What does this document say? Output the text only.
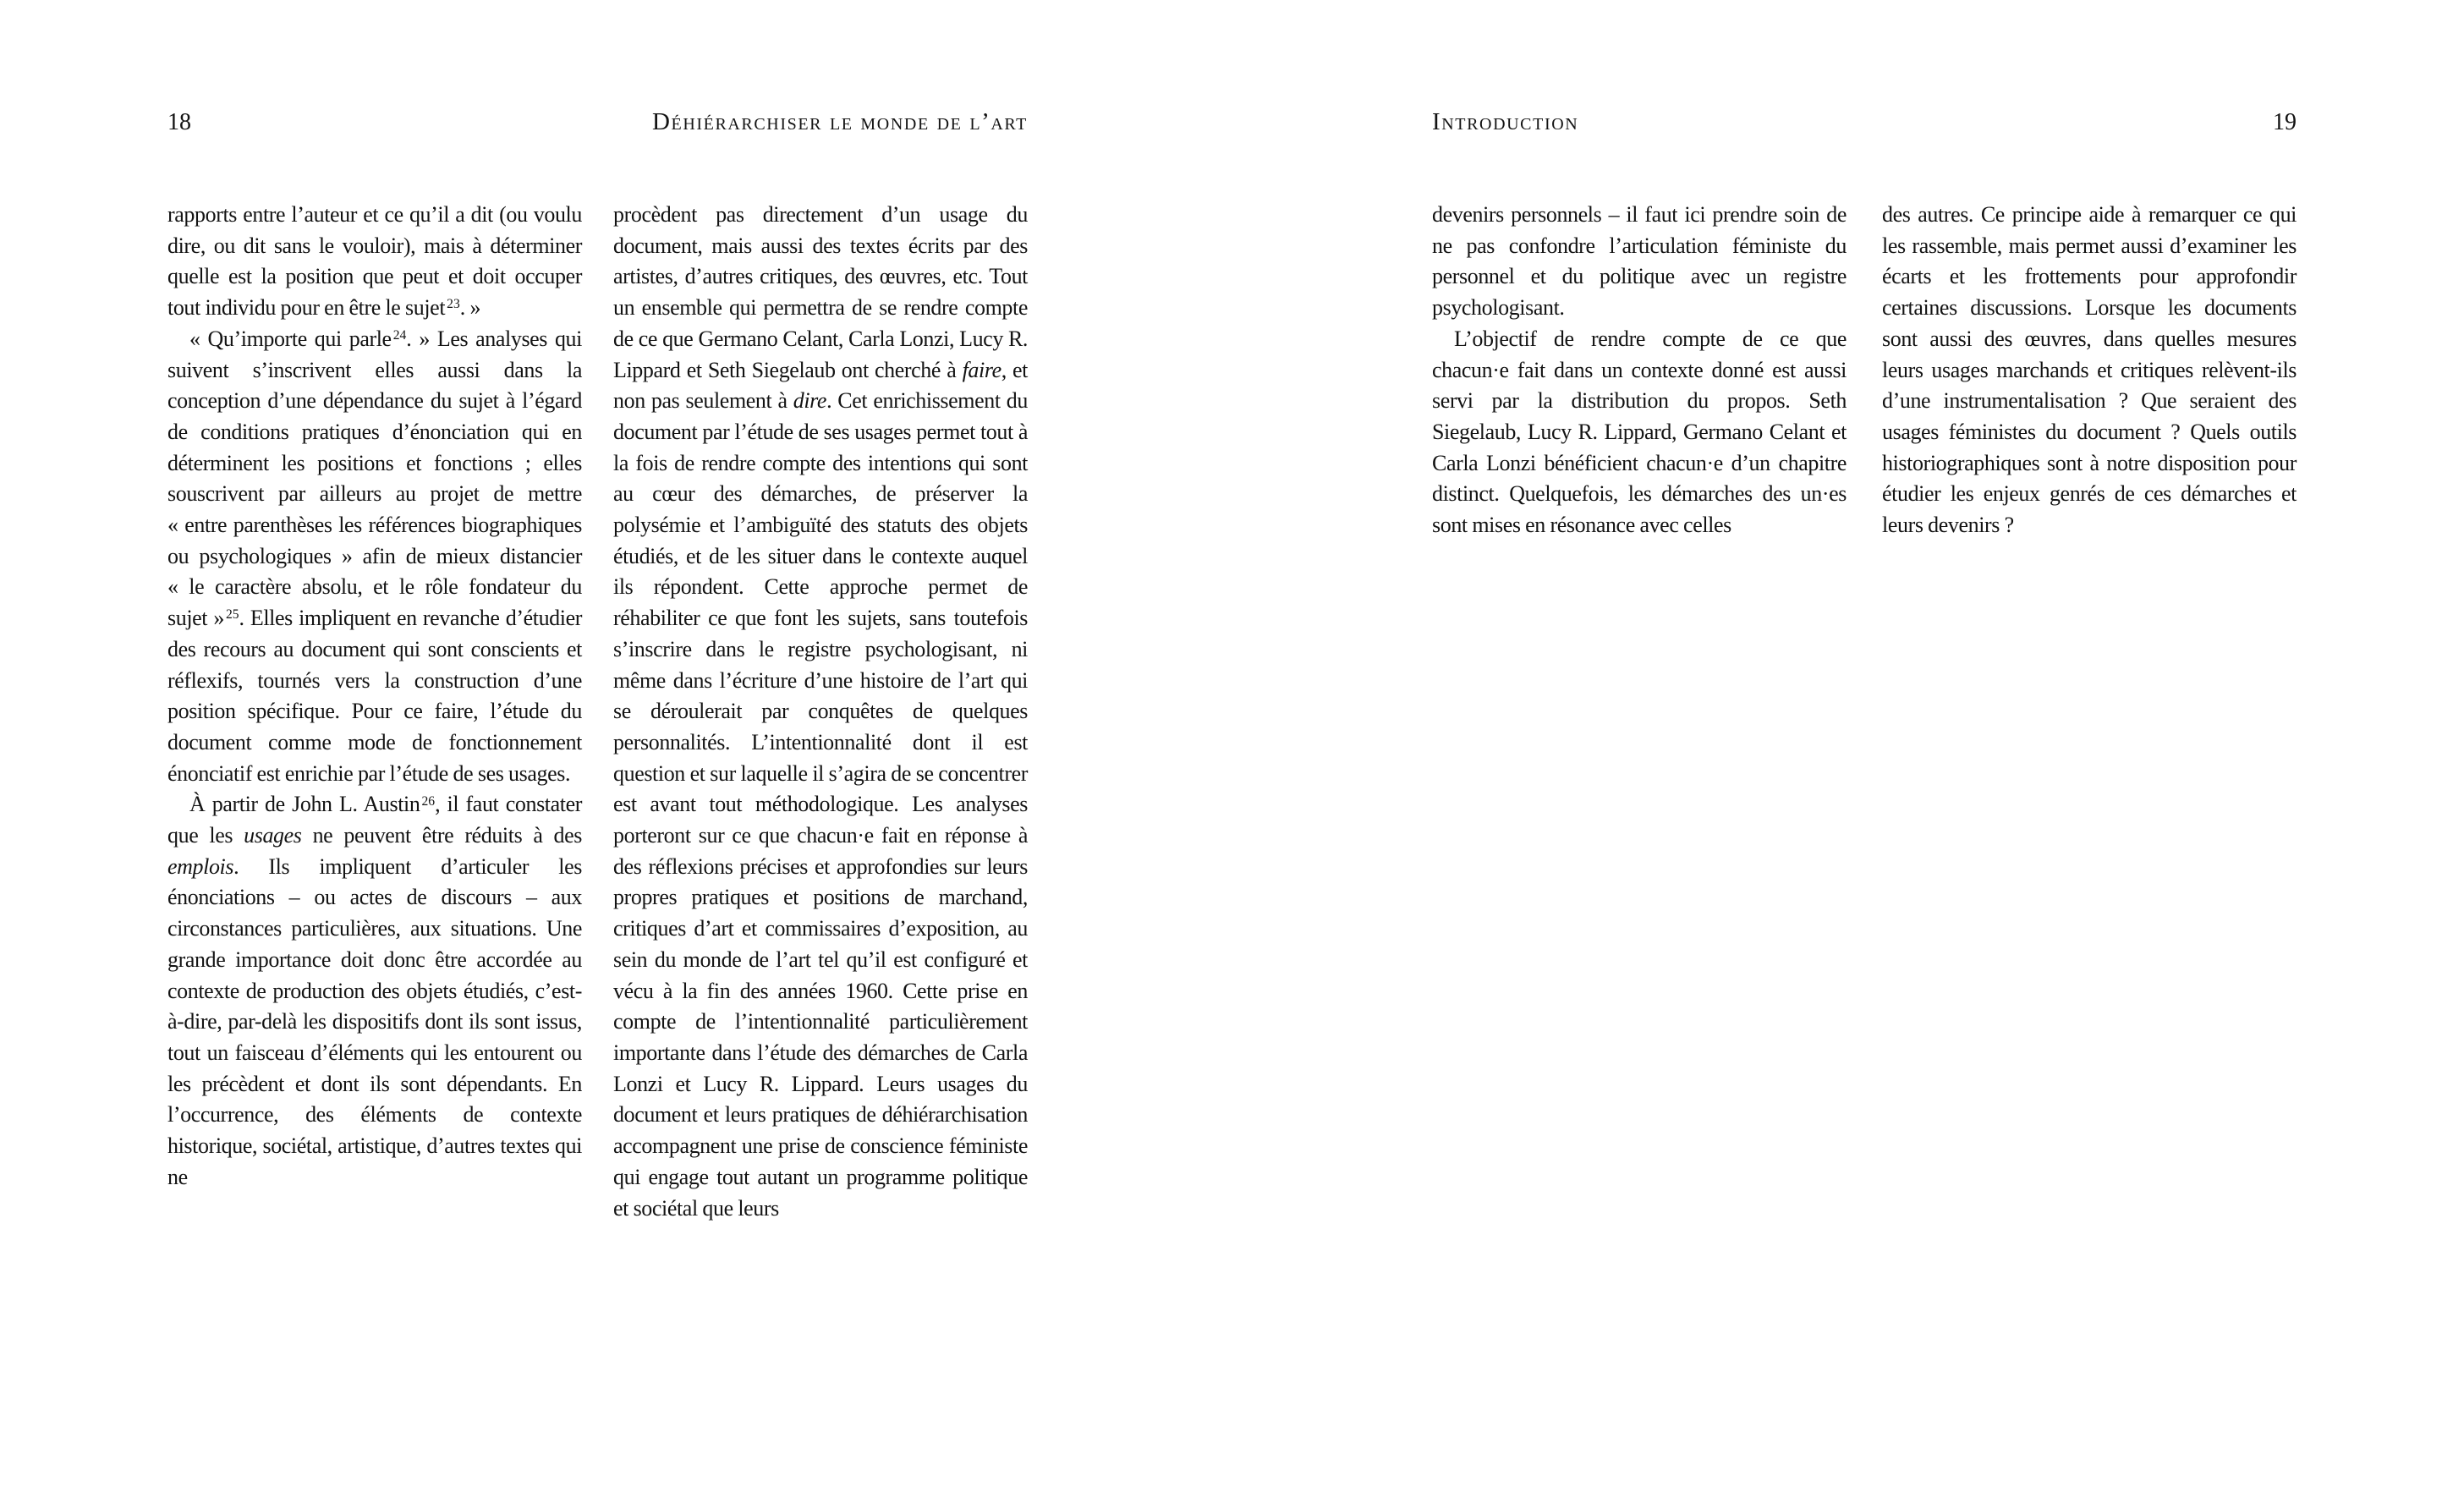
18	Déhiérarchiser le monde de l’art

rapports entre l’auteur et ce qu’il a dit (ou voulu dire, ou dit sans le vouloir), mais à déterminer quelle est la position que peut et doit occuper tout individu pour en être le sujet $^{23}$. »

« Qu’importe qui parle $^{24}$. » Les analyses qui suivent s’inscrivent elles aussi dans la conception d’une dépendance du sujet à l’égard de conditions pratiques d’énonciation qui en déterminent les positions et fonctions ; elles souscrivent par ailleurs au projet de mettre « entre parenthèses les références biographiques ou psychologiques » afin de mieux distancier « le caractère absolu, et le rôle fondateur du sujet » $^{25}$. Elles impliquent en revanche d’étudier des recours au document qui sont conscients et réflexifs, tournés vers la construction d’une position spécifique. Pour ce faire, l’étude du document comme mode de fonctionnement énonciatif est enrichie par l’étude de ses usages.

À partir de John L. Austin $^{26}$, il faut constater que les usages ne peuvent être réduits à des emplois. Ils impliquent d’articuler les énonciations – ou actes de discours – aux circonstances particulières, aux situations. Une grande importance doit donc être accordée au contexte de production des objets étudiés, c’est-à-dire, par-delà les dispositifs dont ils sont issus, tout un faisceau d’éléments qui les entourent ou les précèdent et dont ils sont dépendants. En l’occurrence, des éléments de contexte historique, sociétal, artistique, d’autres textes qui ne

procèdent pas directement d’un usage du document, mais aussi des textes écrits par des artistes, d’autres critiques, des œuvres, etc. Tout un ensemble qui permettra de se rendre compte de ce que Germano Celant, Carla Lonzi, Lucy R. Lippard et Seth Siegelaub ont cherché à faire, et non pas seulement à dire. Cet enrichissement du document par l’étude de ses usages permet tout à la fois de rendre compte des intentions qui sont au cœur des démarches, de préserver la polysémie et l’ambiguïté des statuts des objets étudiés, et de les situer dans le contexte auquel ils répondent. Cette approche permet de réhabiliter ce que font les sujets, sans toutefois s’inscrire dans le registre psychologisant, ni même dans l’écriture d’une histoire de l’art qui se déroulerait par conquêtes de quelques personnalités. L’intentionnalité dont il est question et sur laquelle il s’agira de se concentrer est avant tout méthodologique. Les analyses porteront sur ce que chacun·e fait en réponse à des réflexions précises et approfondies sur leurs propres pratiques et positions de marchand, critiques d’art et commissaires d’exposition, au sein du monde de l’art tel qu’il est configuré et vécu à la fin des années 1960. Cette prise en compte de l’intentionnalité particulièrement importante dans l’étude des démarches de Carla Lonzi et Lucy R. Lippard. Leurs usages du document et leurs pratiques de déhiérarchisation accompagnent une prise de conscience féministe qui engage tout autant un programme politique et sociétal que leurs

Introduction	19

devenirs personnels – il faut ici prendre soin de ne pas confondre l’articulation féministe du personnel et du politique avec un registre psychologisant.

L’objectif de rendre compte de ce que chacun·e fait dans un contexte donné est aussi servi par la distribution du propos. Seth Siegelaub, Lucy R. Lippard, Germano Celant et Carla Lonzi bénéficient chacun·e d’un chapitre distinct. Quelquefois, les démarches des un·es sont mises en résonance avec celles

des autres. Ce principe aide à remarquer ce qui les rassemble, mais permet aussi d’examiner les écarts et les frottements pour approfondir certaines discussions. Lorsque les documents sont aussi des œuvres, dans quelles mesures leurs usages marchands et critiques relèvent-ils d’une instrumentalisation ? Que seraient des usages féministes du document ? Quels outils historiographiques sont à notre disposition pour étudier les enjeux genrés de ces démarches et leurs devenirs ?
